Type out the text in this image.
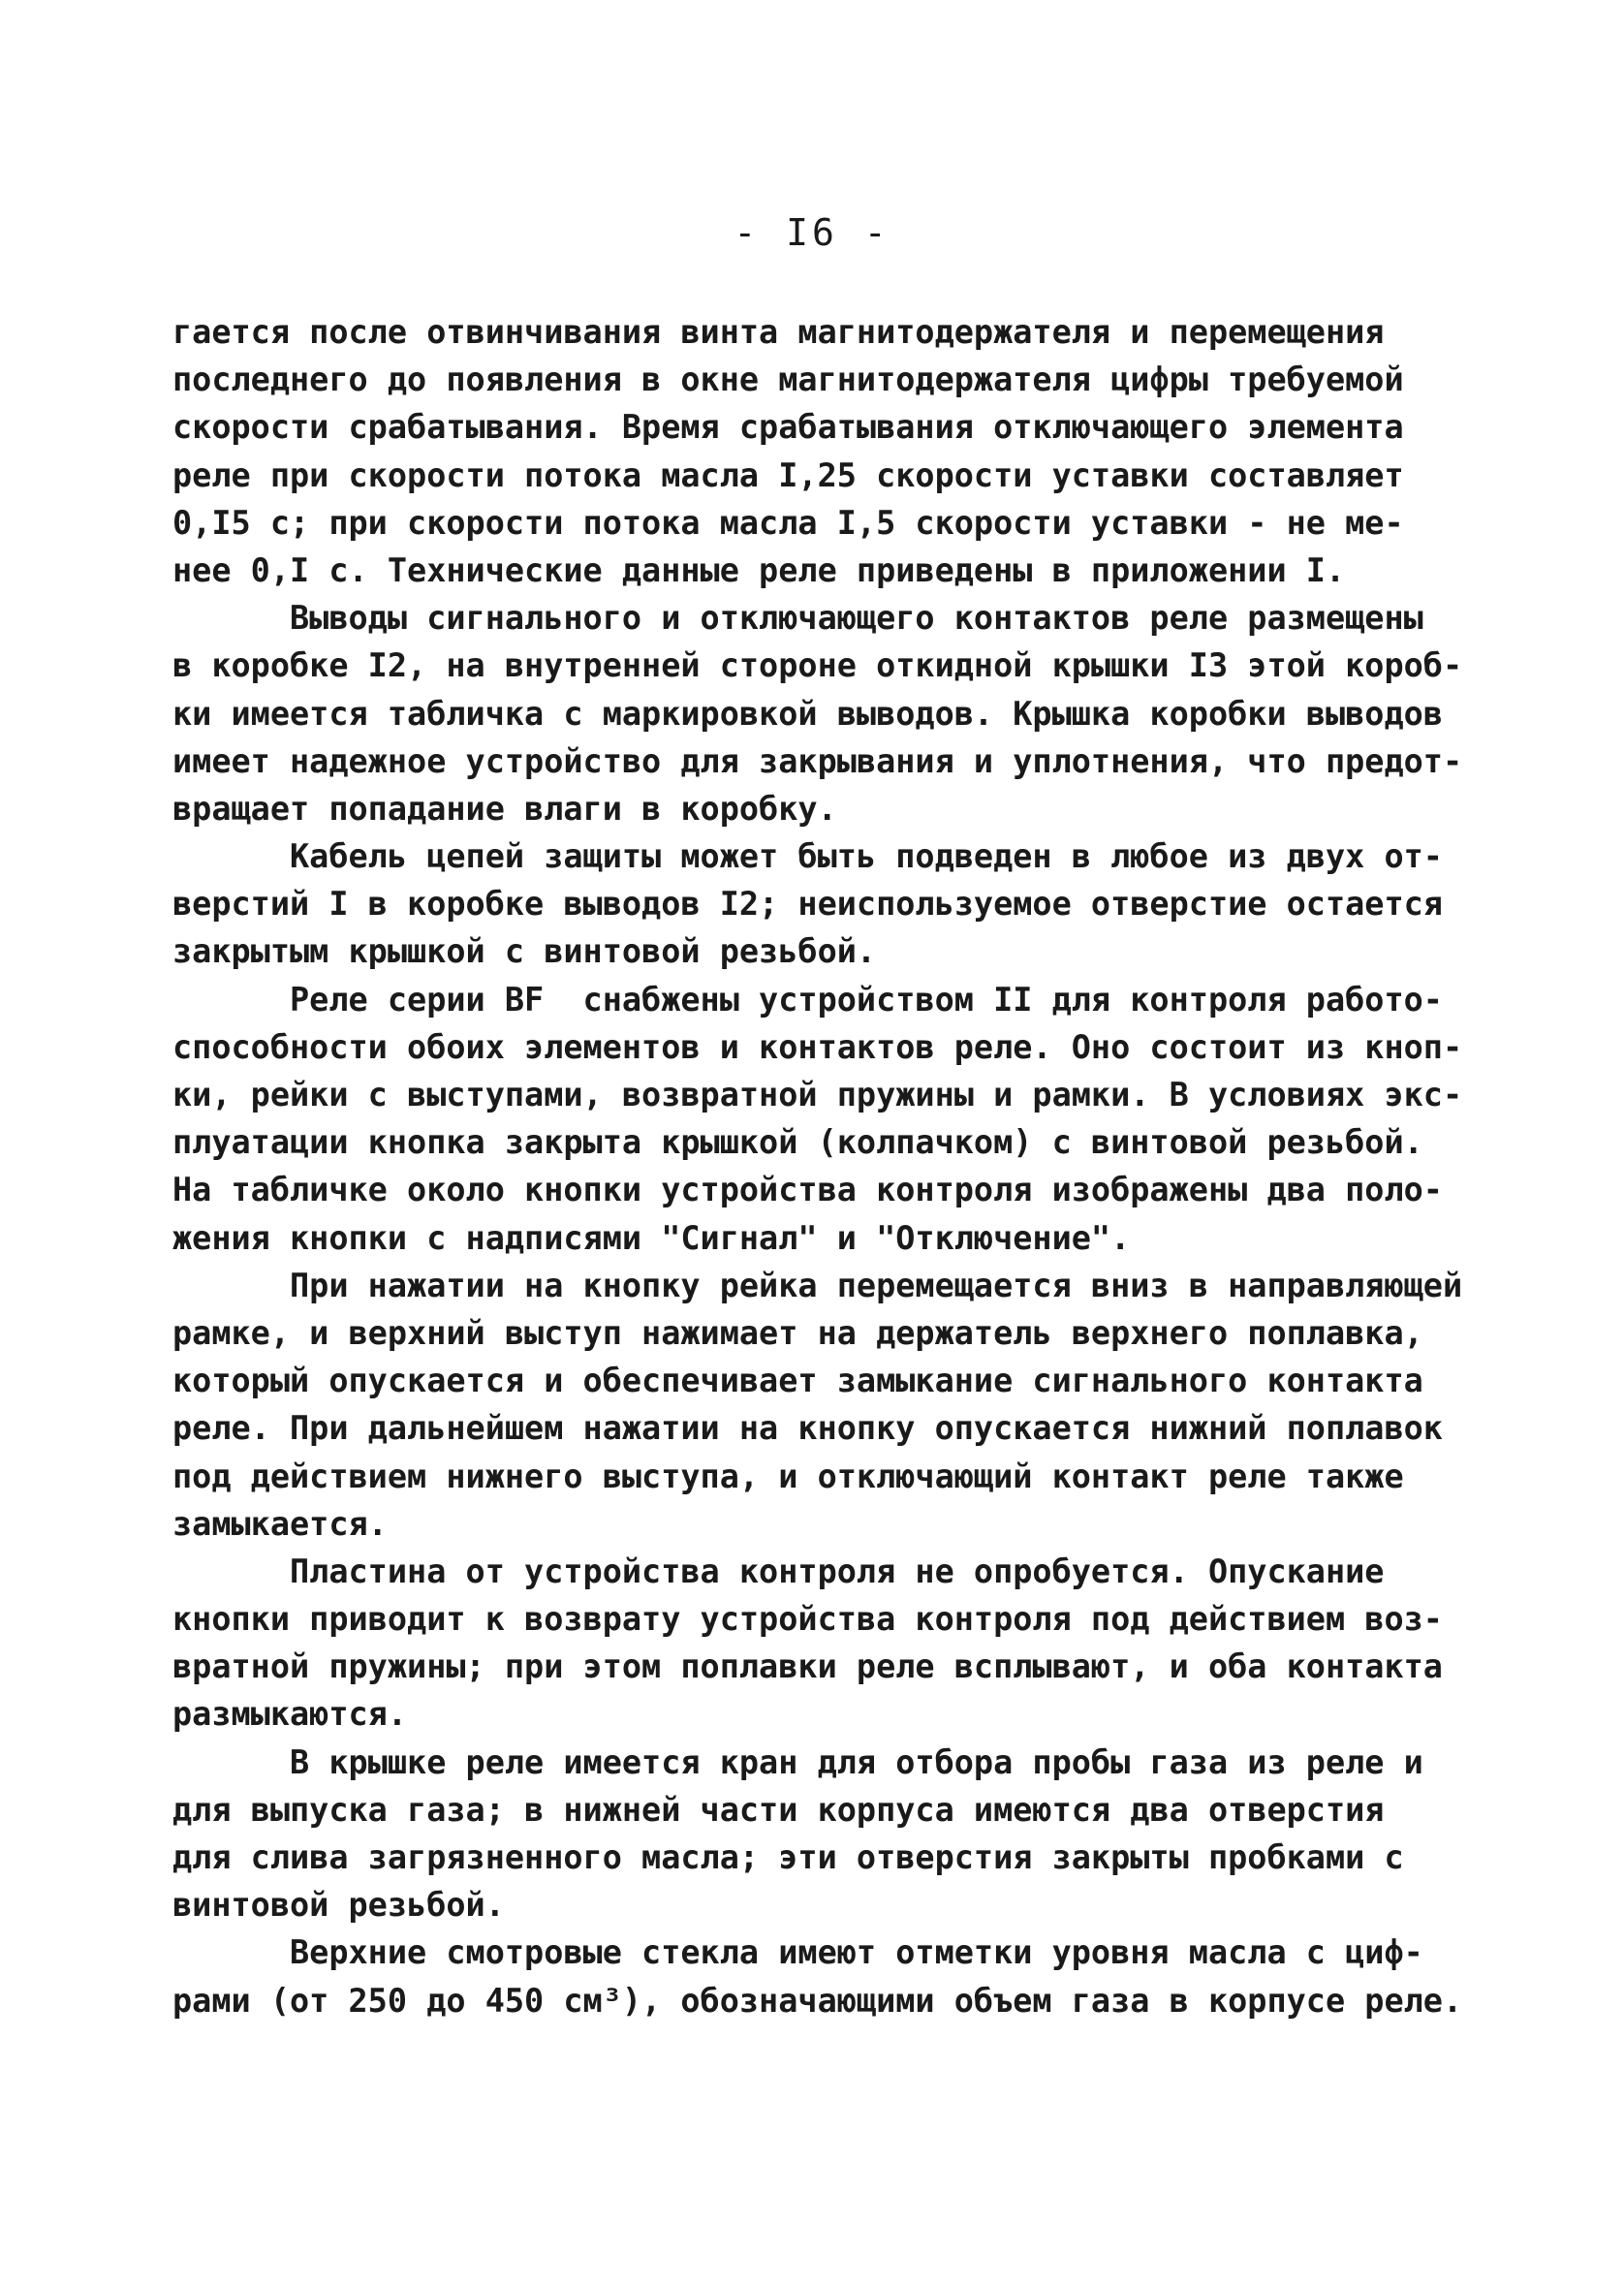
- I6 -
гается после отвинчивания винта магнитодержателя и перемещения
последнего до появления в окне магнитодержателя цифры требуемой
скорости срабатывания. Время срабатывания отключающего элемента
реле при скорости потока масла I,25 скорости уставки составляет
0,I5 с; при скорости потока масла I,5 скорости уставки - не ме-
нее 0,I с. Технические данные реле приведены в приложении I.
Выводы сигнального и отключающего контактов реле размещены
в коробке I2, на внутренней стороне откидной крышки I3 этой короб-
ки имеется табличка с маркировкой выводов. Крышка коробки выводов
имеет надежное устройство для закрывания и уплотнения, что предот-
вращает попадание влаги в коробку.
Кабель цепей защиты может быть подведен в любое из двух от-
верстий I в коробке выводов I2; неиспользуемое отверстие остается
закрытым крышкой с винтовой резьбой.
Реле серии BF  снабжены устройством II для контроля работо-
способности обоих элементов и контактов реле. Оно состоит из кноп-
ки, рейки с выступами, возвратной пружины и рамки. В условиях экс-
плуатации кнопка закрыта крышкой (колпачком) с винтовой резьбой.
На табличке около кнопки устройства контроля изображены два поло-
жения кнопки с надписями "Сигнал" и "Отключение".
При нажатии на кнопку рейка перемещается вниз в направляющей
рамке, и верхний выступ нажимает на держатель верхнего поплавка,
который опускается и обеспечивает замыкание сигнального контакта
реле. При дальнейшем нажатии на кнопку опускается нижний поплавок
под действием нижнего выступа, и отключающий контакт реле также
замыкается.
Пластина от устройства контроля не опробуется. Опускание
кнопки приводит к возврату устройства контроля под действием воз-
вратной пружины; при этом поплавки реле всплывают, и оба контакта
размыкаются.
В крышке реле имеется кран для отбора пробы газа из реле и
для выпуска газа; в нижней части корпуса имеются два отверстия
для слива загрязненного масла; эти отверстия закрыты пробками с
винтовой резьбой.
Верхние смотровые стекла имеют отметки уровня масла с циф-
рами (от 250 до 450 см³), обозначающими объем газа в корпусе реле.
